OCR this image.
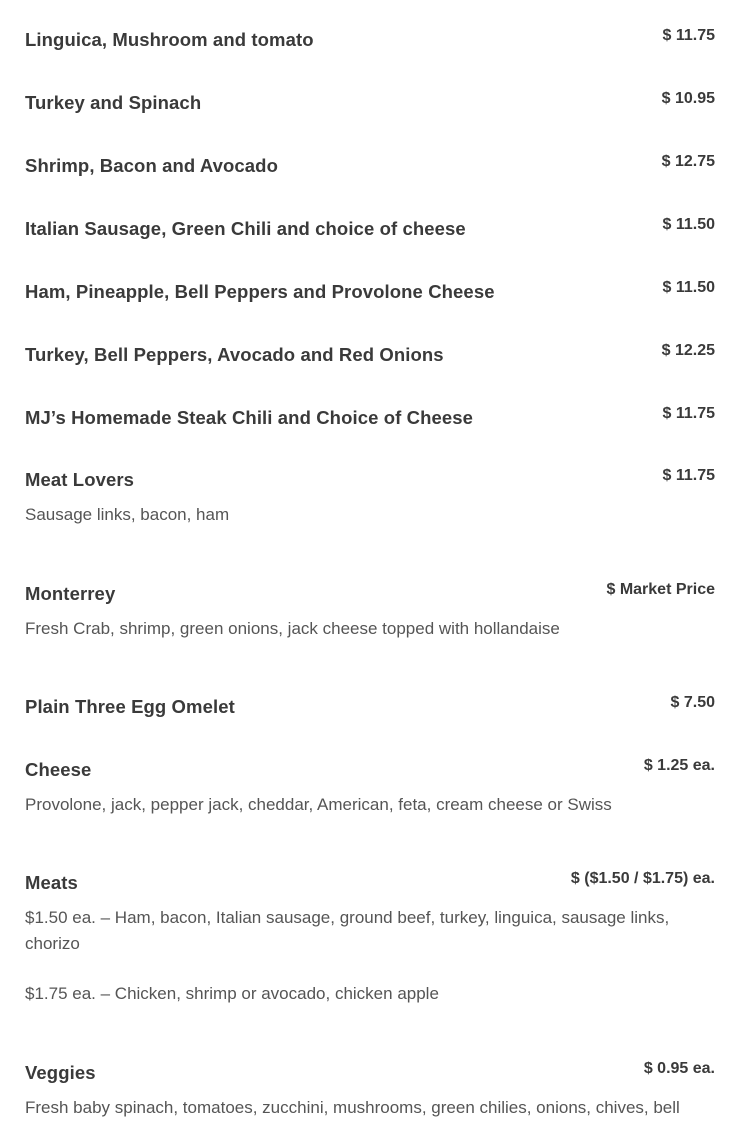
Linguica, Mushroom and tomato	$ 11.75
Turkey and Spinach	$ 10.95
Shrimp, Bacon and Avocado	$ 12.75
Italian Sausage, Green Chili and choice of cheese	$ 11.50
Ham, Pineapple, Bell Peppers and Provolone Cheese	$ 11.50
Turkey, Bell Peppers, Avocado and Red Onions	$ 12.25
MJ’s Homemade Steak Chili and Choice of Cheese	$ 11.75
Meat Lovers	$ 11.75
Sausage links, bacon, ham
Monterrey	$ Market Price
Fresh Crab, shrimp, green onions, jack cheese topped with hollandaise
Plain Three Egg Omelet	$ 7.50
Cheese	$ 1.25 ea.
Provolone, jack, pepper jack, cheddar, American, feta, cream cheese or Swiss
Meats	$ ($1.50 / $1.75) ea.
$1.50 ea. – Ham, bacon, Italian sausage, ground beef, turkey, linguica, sausage links, chorizo
$1.75 ea. – Chicken, shrimp or avocado, chicken apple
Veggies	$ 0.95 ea.
Fresh baby spinach, tomatoes, zucchini, mushrooms, green chilies, onions, chives, bell
